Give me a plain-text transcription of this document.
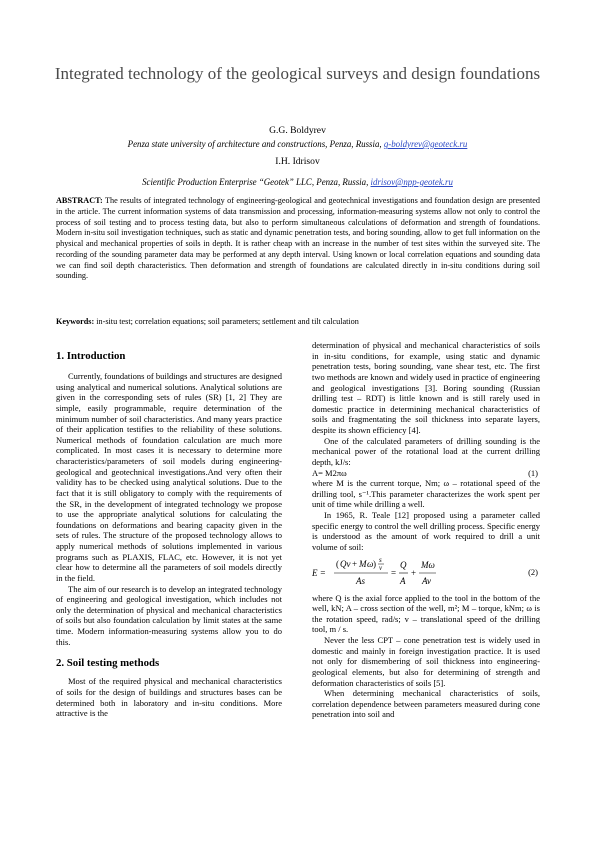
Integrated technology of the geological surveys and design foundations
G.G. Boldyrev
Penza state university of architecture and constructions, Penza, Russia, g-boldyrev@geoteck.ru
I.H. Idrisov
Scientific Production Enterprise “Geotek” LLC, Penza, Russia, idrisov@npp-geotek.ru
ABSTRACT: The results of integrated technology of engineering-geological and geotechnical investigations and foundation design are presented in the article. The current information systems of data transmission and processing, information-measuring systems allow not only to control the process of soil testing and to process testing data, but also to perform simultaneous calculations of deformation and strength of foundations. Modern in-situ soil investigation techniques, such as static and dynamic penetration tests, and boring sounding, allow to get full information on the physical and mechanical properties of soils in depth. It is rather cheap with an increase in the number of test sites within the surveyed site. The recording of the sounding parameter data may be performed at any depth interval. Using known or local correlation equations and sounding data we can find soil depth characteristics. Then deformation and strength of foundations are calculated directly in in-situ conditions during soil sounding.
Keywords: in-situ test; correlation equations; soil parameters; settlement and tilt calculation
1. Introduction

Currently, foundations of buildings and structures are designed using analytical and numerical solutions. Analytical solutions are given in the corresponding sets of rules (SR) [1, 2] They are simple, easily programmable, require determination of the minimum number of soil characteristics. And many years practice of their application testifies to the reliability of these solutions. Numerical methods of foundation calculation are much more complicated. In most cases it is necessary to determine more characteristics/parameters of soil models during engineering-geological and geotechnical investigations.And very often their validity has to be checked using analytical solutions. Due to the fact that it is still obligatory to comply with the requirements of the SR, in the development of integrated technology we propose to use the appropriate analytical solutions for calculating the foundations on deformations and bearing capacity given in the sets of rules. The structure of the proposed technology allows to apply numerical methods of solutions implemented in various programs such as PLAXIS, FLAC, etc. However, it is not yet clear how to determine all the parameters of soil models directly in the field.

The aim of our research is to develop an integrated technology of engineering and geological investigation, which includes not only the determination of physical and mechanical characteristics of soils but also foundation calculation by limit states at the same time. Modern information-measuring systems allow you to do this.

2. Soil testing methods

Most of the required physical and mechanical characteristics of soils for the design of buildings and structures bases can be determined both in laboratory and in-situ conditions. More attractive is the

determination of physical and mechanical characteristics of soils in in-situ conditions, for example, using static and dynamic penetration tests, boring sounding, vane shear test, etc. The first two methods are known and widely used in practice of engineering and geological investigations [3]. Boring sounding (Russian drilling test – RDT) is little known and is still rarely used in domestic practice in determining mechanical characteristics of soils and fragmentating the soil thickness into separate layers, despite its shown efficiency [4].

One of the calculated parameters of drilling sounding is the mechanical power of the rotational load at the current drilling depth, kJ/s:

A= M2πω	(1)

where M is the current torque, Nm; ω – rotational speed of the drilling tool, s⁻¹.This parameter characterizes the work spent per unit of time while drilling a well.

In 1965, R. Teale [12] proposed using a parameter called specific energy to control the well drilling process. Specific energy is understood as the amount of work required to drill a unit volume of soil:

E =
( Qv + M ω ) s
v
As
=
Q
A
+
Mω
Av
(2)

where Q is the axial force applied to the tool in the bottom of the well, kN; A – cross section of the well, m²; M – torque, kNm; ω is the rotation speed, rad/s; v – translational speed of the drilling tool, m / s.

Never the less CPT – cone penetration test is widely used in domestic and mainly in foreign investigation practice. It is used not only for dismembering of soil thickness into engineering-geological elements, but also for determining of strength and deformation characteristics of soils [5].

When determining mechanical characteristics of soils, correlation dependence between parameters measured during cone penetration into soil and
